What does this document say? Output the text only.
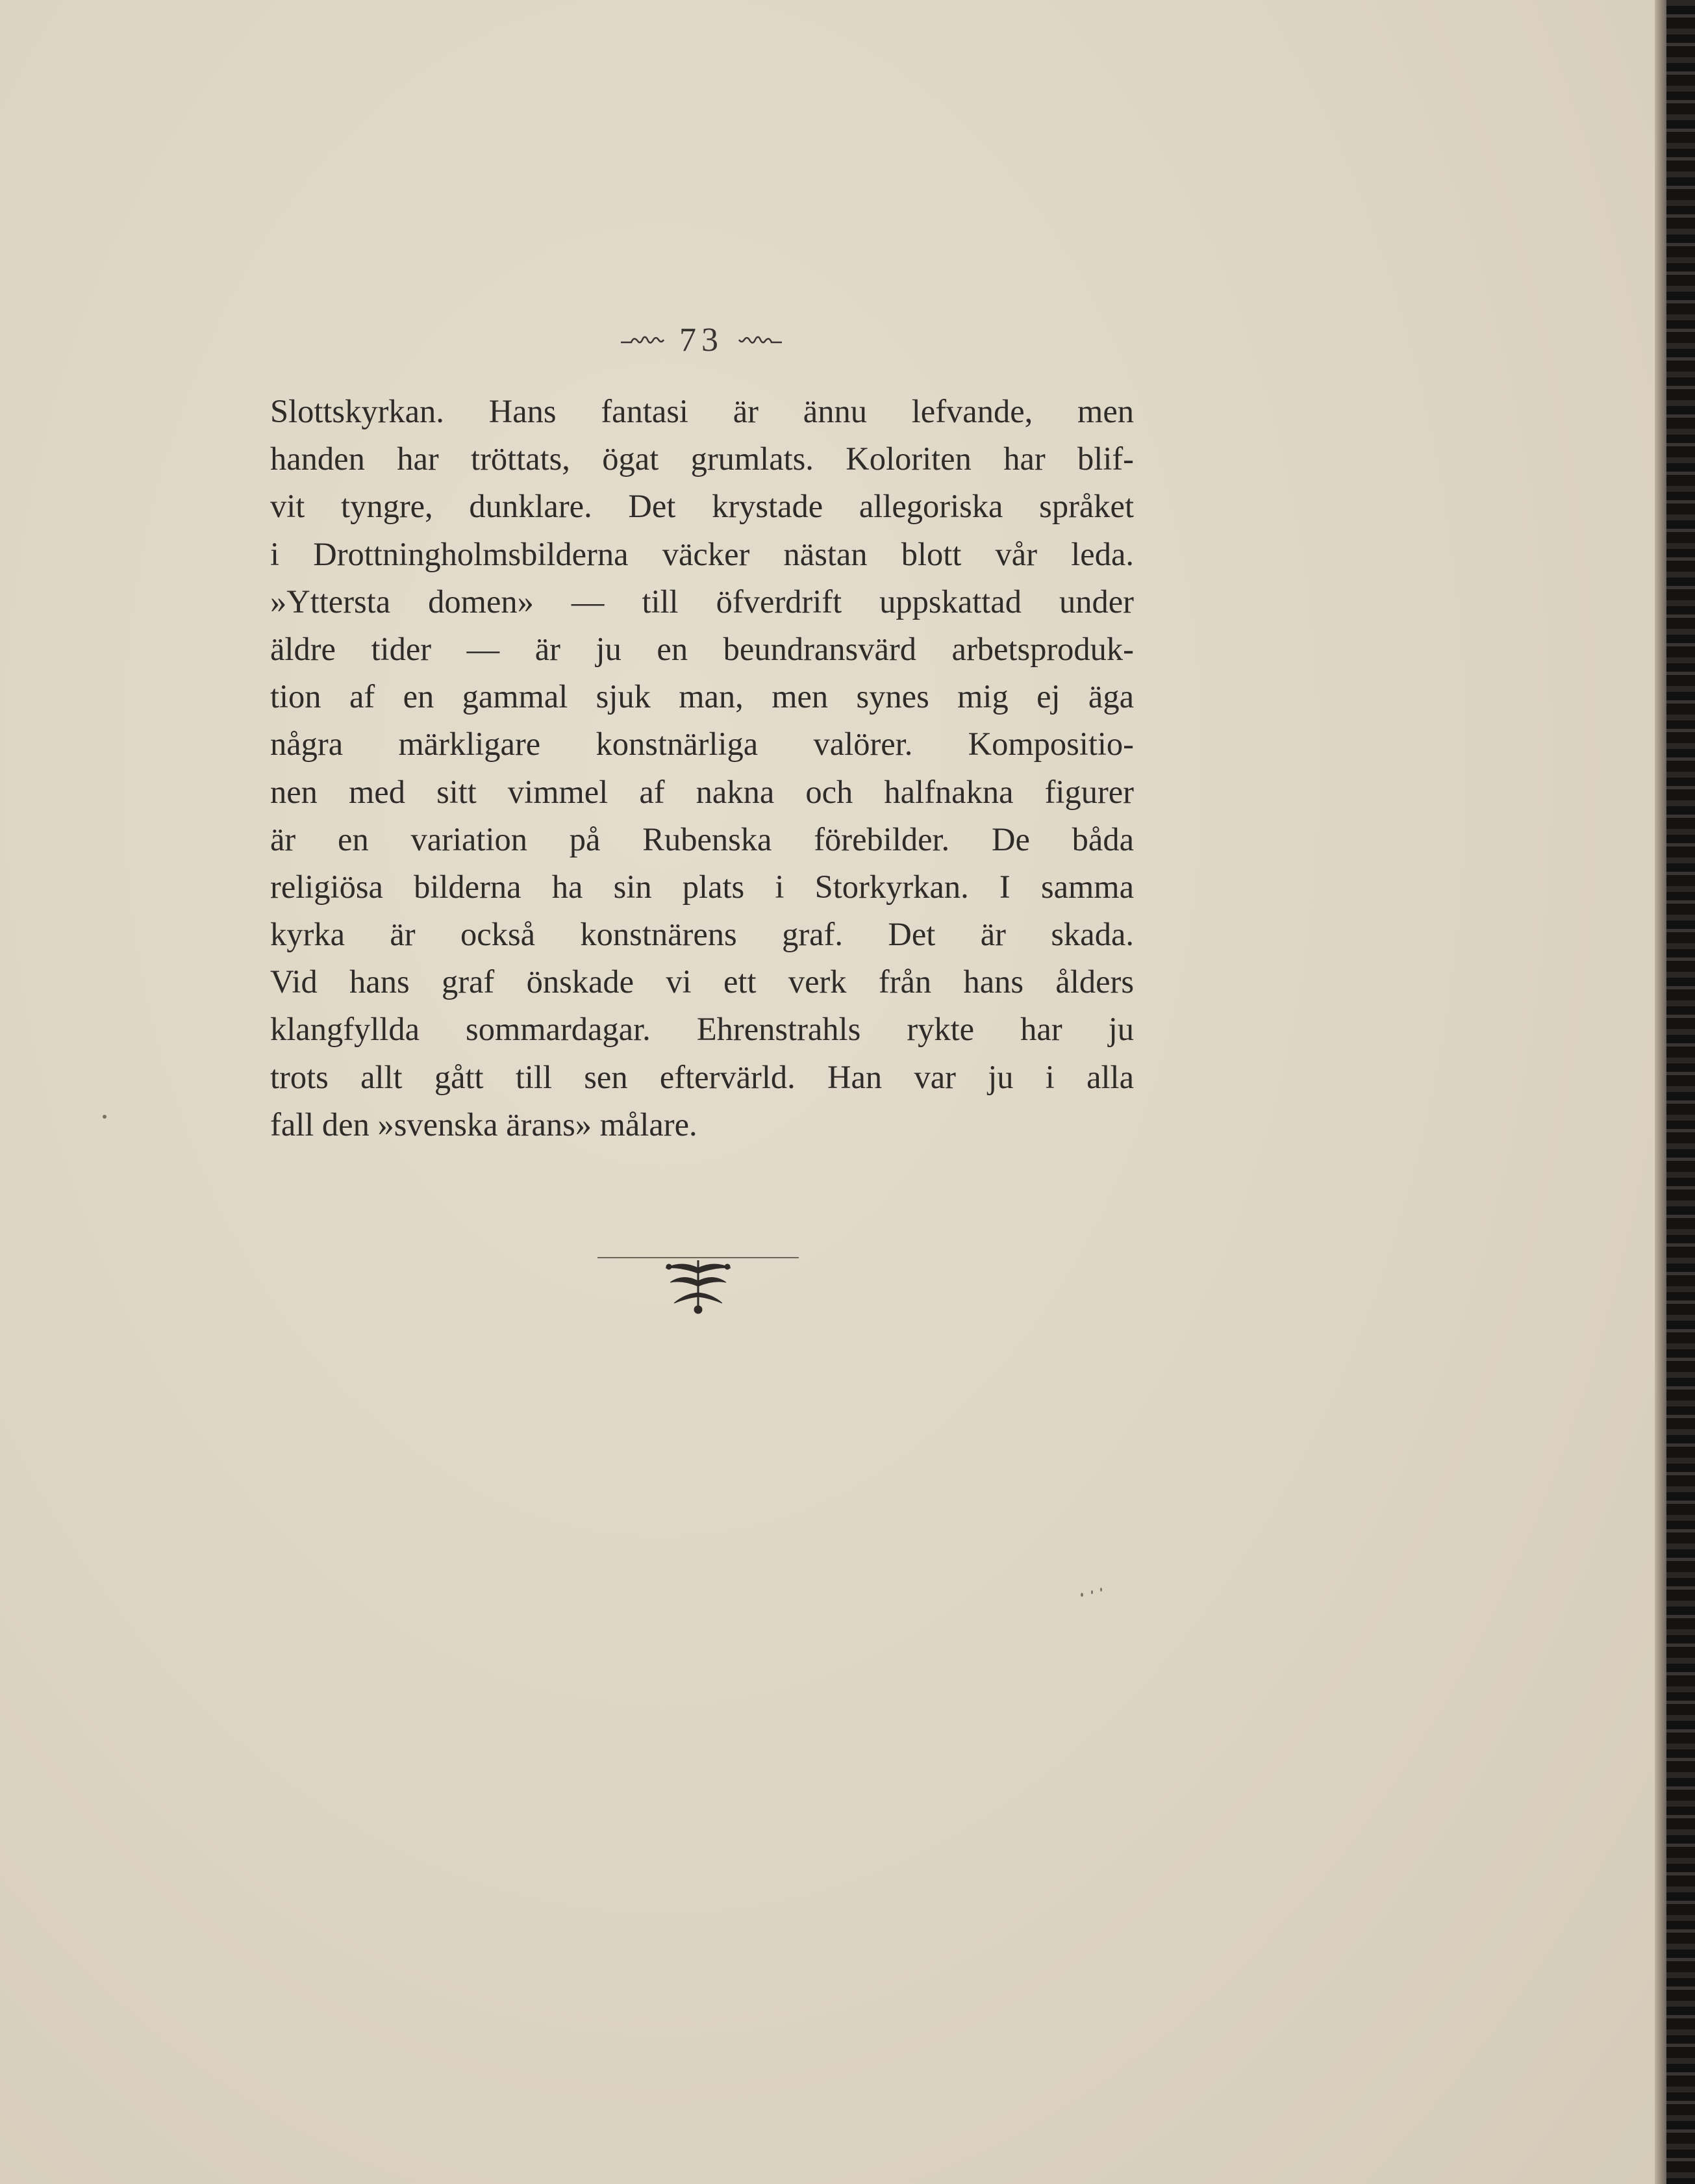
73
Slottskyrkan. Hans fantasi är ännu lefvande, men
handen har tröttats, ögat grumlats. Koloriten har blif-
vit tyngre, dunklare. Det krystade allegoriska språket
i Drottningholmsbilderna väcker nästan blott vår leda.
»Yttersta domen» — till öfverdrift uppskattad under
äldre tider — är ju en beundransvärd arbetsproduk-
tion af en gammal sjuk man, men synes mig ej äga
några märkligare konstnärliga valörer. Kompositio-
nen med sitt vimmel af nakna och halfnakna figurer
är en variation på Rubenska förebilder. De båda
religiösa bilderna ha sin plats i Storkyrkan. I samma
kyrka är också konstnärens graf. Det är skada.
Vid hans graf önskade vi ett verk från hans ålders
klangfyllda sommardagar. Ehrenstrahls rykte har ju
trots allt gått till sen eftervärld. Han var ju i alla
fall den »svenska ärans» målare.
